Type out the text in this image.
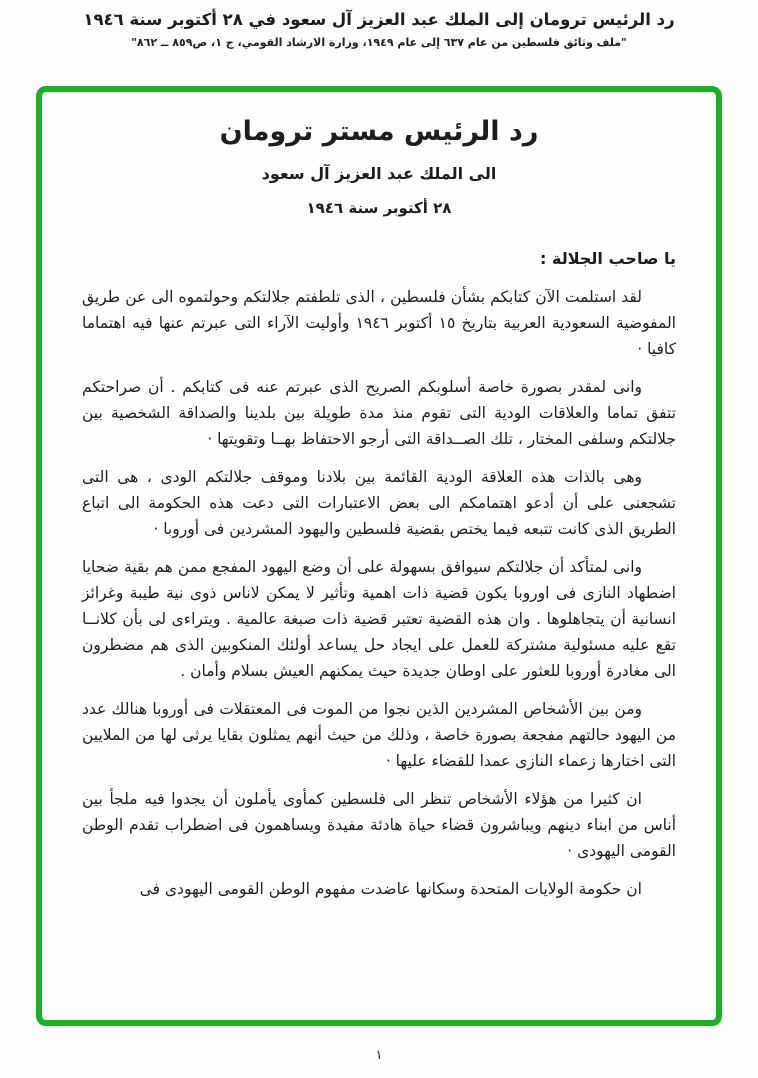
رد الرئيس ترومان إلى الملك عبد العزيز آل سعود في ٢٨ أكتوبر سنة ١٩٤٦
"ملف وثائق فلسطين من عام ٦٣٧ إلى عام ١٩٤٩، وزارة الارشاد القومي، ج ١، ص٨٥٩ ــ ٨٦٢"
رد الرئيس مستر ترومان
الى الملك عبد العزيز آل سعود
٢٨ أكتوبر سنة ١٩٤٦
يا صاحب الجلالة :

لقد استلمت الآن كتابكم بشأن فلسطين ، الذى تلطفتم جلالتكم وحولتموه الى عن طريق المفوضية السعودية العربية بتاريخ ١٥ أكتوبر ١٩٤٦ وأوليت الآراء التى عبرتم عنها فيه اهتماما كافيا ·

وانى لمقدر بصورة خاصة أسلوبكم الصريح الذى عبرتم عنه فى كتابكم . أن صراحتكم تتفق تماما والعلاقات الودية التى تقوم منذ مدة طويلة بين بلدينا والصداقة الشخصية بين جلالتكم وسلفى المختار ، تلك الصــداقة التى أرجو الاحتفاظ بهــا وتقويتها ·

وهى بالذات هذه العلاقة الودية القائمة بين بلادنا وموقف جلالتكم الودى ، هى التى تشجعنى على أن أدعو اهتمامكم الى بعض الاعتبارات التى دعت هذه الحكومة الى اتباع الطريق الذى كانت تتبعه فيما يختص بقضية فلسطين واليهود المشردين فى أوروبا ·

وانى لمتأكد أن جلالتكم سيوافق بسهولة على أن وضع اليهود المفجع ممن هم بقية ضحايا اضطهاد النازى فى اوروبا يكون قضية ذات اهمية وتأثير لا يمكن لاناس ذوى نية طيبة وغرائز انسانية أن يتجاهلوها . وان هذه القضية تعتبر قضية ذات صبغة عالمية . ويتراءى لى بأن كلانــا تقع عليه مسئولية مشتركة للعمل على ايجاد حل يساعد أولئك المنكوبين الذى هم مضطرون الى مغادرة أوروبا للعثور على اوطان جديدة حيث يمكنهم العيش بسلام وأمان .

ومن بين الأشخاص المشردين الذين نجوا من الموت فى المعتقلات فى أوروبا هنالك عدد من اليهود حالتهم مفجعة بصورة خاصة ، وذلك من حيث أنهم يمثلون بقايا يرثى لها من الملايين التى اختارها زعماء النازى عمدا للقضاء عليها ·

ان كثيرا من هؤلاء الأشخاص تنظر الى فلسطين كمأوى يأملون أن يجدوا فيه ملجأ بين أناس من ابناء دينهم ويباشرون قضاء حياة هادئة مفيدة ويساهمون فى اضطراب تقدم الوطن القومى اليهودى ·

ان حكومة الولايات المتحدة وسكانها عاضدت مفهوم الوطن القومى اليهودى فى

١
